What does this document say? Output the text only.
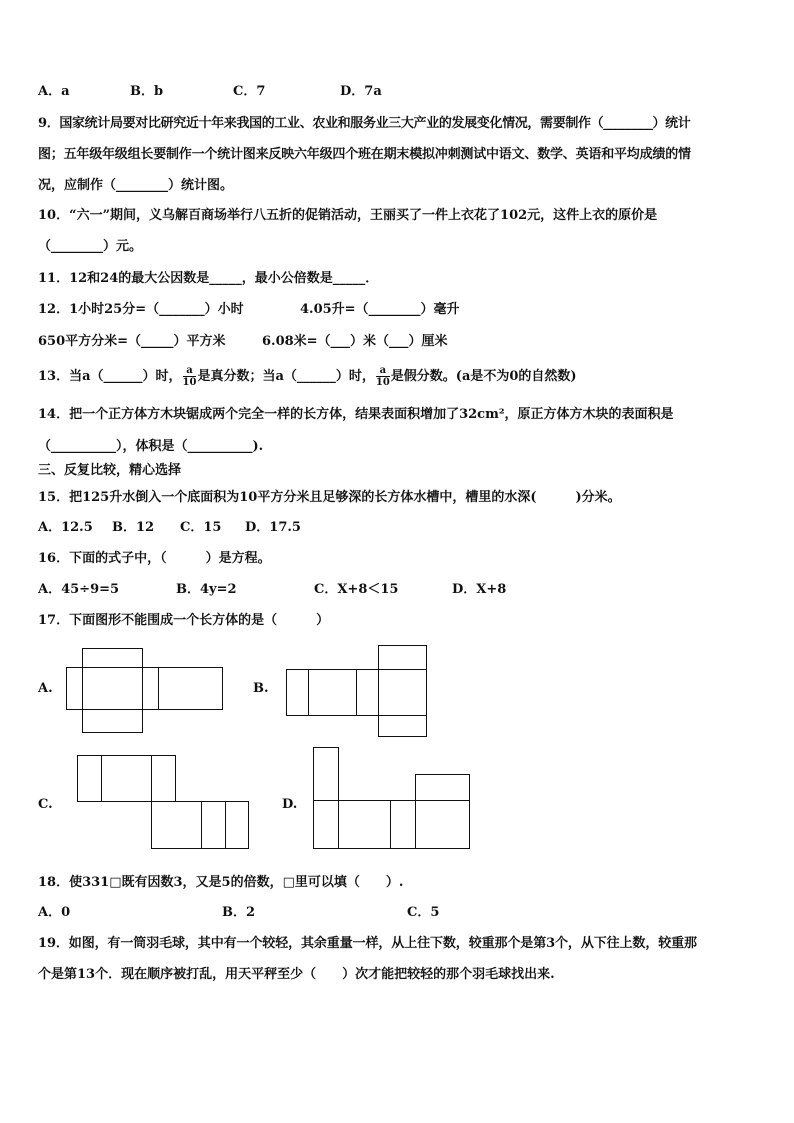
A．a	B．b	C．7	D．7a
9．国家统计局要对比研究近十年来我国的工业、农业和服务业三大产业的发展变化情况，需要制作（________）统计
图；五年级年级组长要制作一个统计图来反映六年级四个班在期末模拟冲刺测试中语文、数学、英语和平均成绩的情
况，应制作（________）统计图。
10．“六一”期间，义乌解百商场举行八五折的促销活动，王丽买了一件上衣花了102元，这件上衣的原价是
（________）元。
11．12和24的最大公因数是_____，最小公倍数是_____．
12．1小时25分=（_______）小时	4.05升=（________）毫升
650平方分米=（_____）平方米	6.08米=（___）米（___）厘米
13．当a（______）时， $\frac{a}{10}$ 是真分数；当a（______）时， $\frac{a}{10}$ 是假分数。(a是不为0的自然数)
14．把一个正方体方木块锯成两个完全一样的长方体，结果表面积增加了32cm²，原正方体方木块的表面积是
（__________），体积是（__________).
三、反复比较，精心选择
15．把125升水倒入一个底面积为10平方分米且足够深的长方体水槽中，槽里的水深(　　　)分米。
A．12.5 B．12 C．15 D．17.5
16．下面的式子中，（　　　）是方程。
A．45÷9=5	B．4y=2	C．X+8＜15	D．X+8
17．下面图形不能围成一个长方体的是（　　　）
A.	B.
C.	D.
18．使331□既有因数3，又是5的倍数，□里可以填（　　）.
A．0	B．2	C．5
19．如图，有一筒羽毛球，其中有一个较轻，其余重量一样，从上往下数，较重那个是第3个，从下往上数，较重那
个是第13个．现在顺序被打乱，用天平秤至少（　　）次才能把较轻的那个羽毛球找出来.
